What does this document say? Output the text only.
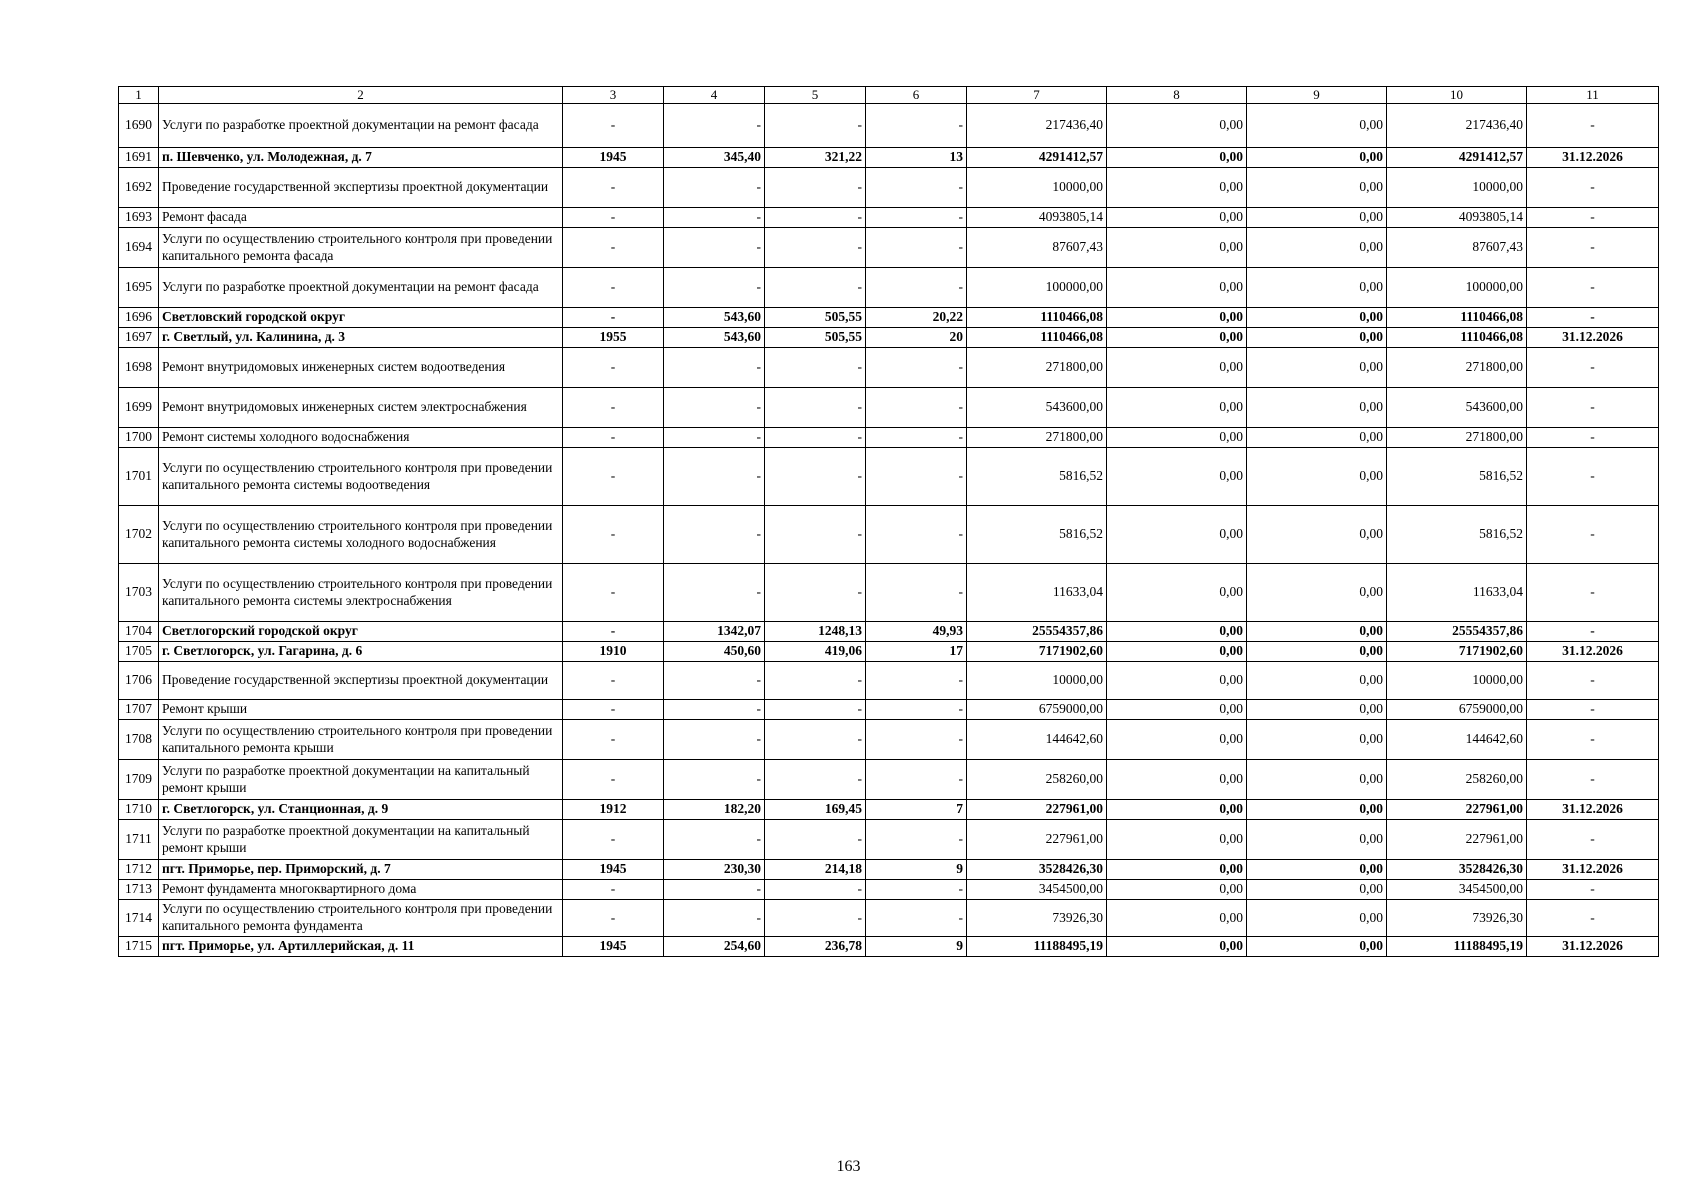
1	2	3	4	5	6	7	8	9	10	11
1690	Услуги по разработке проектной документации на ремонт фасада	-	-	-	-	217436,40	0,00	0,00	217436,40	-
1691	п. Шевченко, ул. Молодежная, д. 7	1945	345,40	321,22	13	4291412,57	0,00	0,00	4291412,57	31.12.2026
1692	Проведение государственной экспертизы проектной документации	-	-	-	-	10000,00	0,00	0,00	10000,00	-
1693	Ремонт фасада	-	-	-	-	4093805,14	0,00	0,00	4093805,14	-
1694	Услуги по осуществлению строительного контроля при проведении капитального ремонта фасада	-	-	-	-	87607,43	0,00	0,00	87607,43	-
1695	Услуги по разработке проектной документации на ремонт фасада	-	-	-	-	100000,00	0,00	0,00	100000,00	-
1696	Светловский городской округ	-	543,60	505,55	20,22	1110466,08	0,00	0,00	1110466,08	-
1697	г. Светлый, ул. Калинина, д. 3	1955	543,60	505,55	20	1110466,08	0,00	0,00	1110466,08	31.12.2026
1698	Ремонт внутридомовых инженерных систем водоотведения	-	-	-	-	271800,00	0,00	0,00	271800,00	-
1699	Ремонт внутридомовых инженерных систем электроснабжения	-	-	-	-	543600,00	0,00	0,00	543600,00	-
1700	Ремонт системы холодного водоснабжения	-	-	-	-	271800,00	0,00	0,00	271800,00	-
1701	Услуги по осуществлению строительного контроля при проведении капитального ремонта системы водоотведения	-	-	-	-	5816,52	0,00	0,00	5816,52	-
1702	Услуги по осуществлению строительного контроля при проведении капитального ремонта системы холодного водоснабжения	-	-	-	-	5816,52	0,00	0,00	5816,52	-
1703	Услуги по осуществлению строительного контроля при проведении капитального ремонта системы электроснабжения	-	-	-	-	11633,04	0,00	0,00	11633,04	-
1704	Светлогорский городской округ	-	1342,07	1248,13	49,93	25554357,86	0,00	0,00	25554357,86	-
1705	г. Светлогорск, ул. Гагарина, д. 6	1910	450,60	419,06	17	7171902,60	0,00	0,00	7171902,60	31.12.2026
1706	Проведение государственной экспертизы проектной документации	-	-	-	-	10000,00	0,00	0,00	10000,00	-
1707	Ремонт крыши	-	-	-	-	6759000,00	0,00	0,00	6759000,00	-
1708	Услуги по осуществлению строительного контроля при проведении капитального ремонта крыши	-	-	-	-	144642,60	0,00	0,00	144642,60	-
1709	Услуги по разработке проектной документации на капитальный ремонт крыши	-	-	-	-	258260,00	0,00	0,00	258260,00	-
1710	г. Светлогорск, ул. Станционная, д. 9	1912	182,20	169,45	7	227961,00	0,00	0,00	227961,00	31.12.2026
1711	Услуги по разработке проектной документации на капитальный ремонт крыши	-	-	-	-	227961,00	0,00	0,00	227961,00	-
1712	пгт. Приморье, пер. Приморский, д. 7	1945	230,30	214,18	9	3528426,30	0,00	0,00	3528426,30	31.12.2026
1713	Ремонт фундамента многоквартирного дома	-	-	-	-	3454500,00	0,00	0,00	3454500,00	-
1714	Услуги по осуществлению строительного контроля при проведении капитального ремонта фундамента	-	-	-	-	73926,30	0,00	0,00	73926,30	-
1715	пгт. Приморье, ул. Артиллерийская, д. 11	1945	254,60	236,78	9	11188495,19	0,00	0,00	11188495,19	31.12.2026
163
